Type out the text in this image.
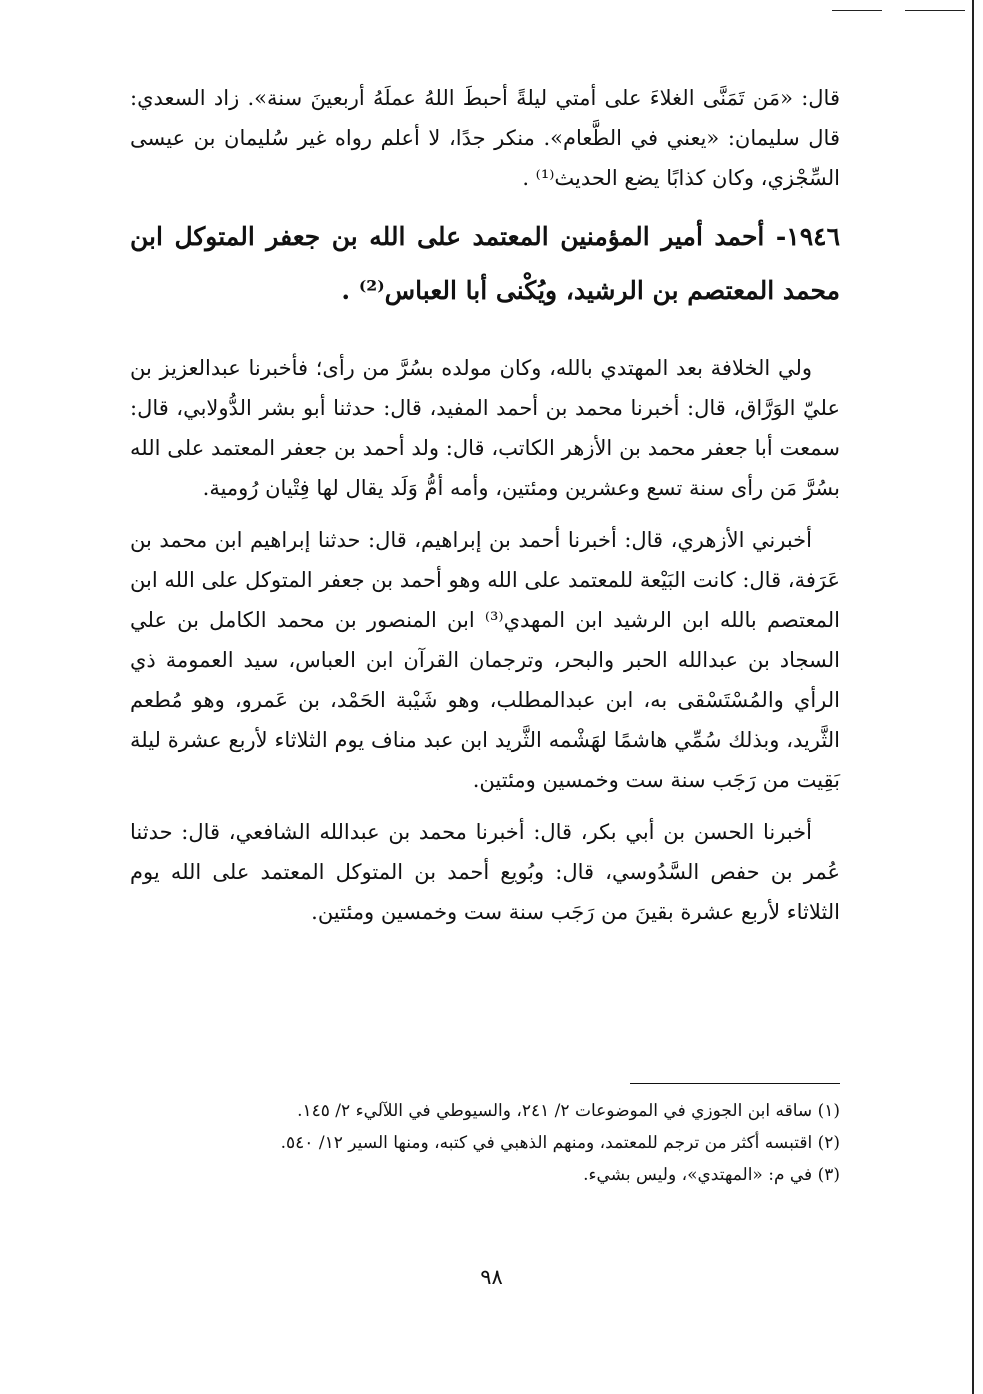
قال: «مَن تَمَنَّى الغلاءَ على أمتي ليلةً أحبطَ اللهُ عملَهُ أربعينَ سنة». زاد السعدي: قال سليمان: «يعني في الطَّعام». منكر جدًا، لا أعلم رواه غير سُليمان بن عيسى السِّجْزي، وكان كذابًا يضع الحديث⁽¹⁾ .

١٩٤٦- أحمد أمير المؤمنين المعتمد على الله بن جعفر المتوكل ابن محمد المعتصم بن الرشيد، ويُكْنى أبا العباس⁽²⁾ .

ولي الخلافة بعد المهتدي بالله، وكان مولده بسُرَّ من رأى؛ فأخبرنا عبدالعزيز بن عليّ الوَرَّاق، قال: أخبرنا محمد بن أحمد المفيد، قال: حدثنا أبو بشر الدُّولابي، قال: سمعت أبا جعفر محمد بن الأزهر الكاتب، قال: ولد أحمد بن جعفر المعتمد على الله بسُرَّ مَن رأى سنة تسع وعشرين ومئتين، وأمه أمُّ وَلَد يقال لها فِتْيان رُومية.

أخبرني الأزهري، قال: أخبرنا أحمد بن إبراهيم، قال: حدثنا إبراهيم ابن محمد بن عَرَفة، قال: كانت البَيْعة للمعتمد على الله وهو أحمد بن جعفر المتوكل على الله ابن المعتصم بالله ابن الرشيد ابن المهدي⁽³⁾ ابن المنصور بن محمد الكامل بن علي السجاد بن عبدالله الحبر والبحر، وترجمان القرآن ابن العباس، سيد العمومة ذي الرأي والمُسْتَسْقى به، ابن عبدالمطلب، وهو شَيْبة الحَمْد، بن عَمرو، وهو مُطعم الثَّريد، وبذلك سُمِّي هاشمًا لهَشْمه الثَّريد ابن عبد مناف يوم الثلاثاء لأربع عشرة ليلة بَقِيت من رَجَب سنة ست وخمسين ومئتين.

أخبرنا الحسن بن أبي بكر، قال: أخبرنا محمد بن عبدالله الشافعي، قال: حدثنا عُمر بن حفص السَّدُوسي، قال: وبُويع أحمد بن المتوكل المعتمد على الله يوم الثلاثاء لأربع عشرة بقينَ من رَجَب سنة ست وخمسين ومئتين.

(١) ساقه ابن الجوزي في الموضوعات ٢/ ٢٤١، والسيوطي في اللآليء ٢/ ١٤٥.

(٢) اقتبسه أكثر من ترجم للمعتمد، ومنهم الذهبي في كتبه، ومنها السير ١٢/ ٥٤٠.

(٣) في م: «المهتدي»، وليس بشيء.

٩٨
